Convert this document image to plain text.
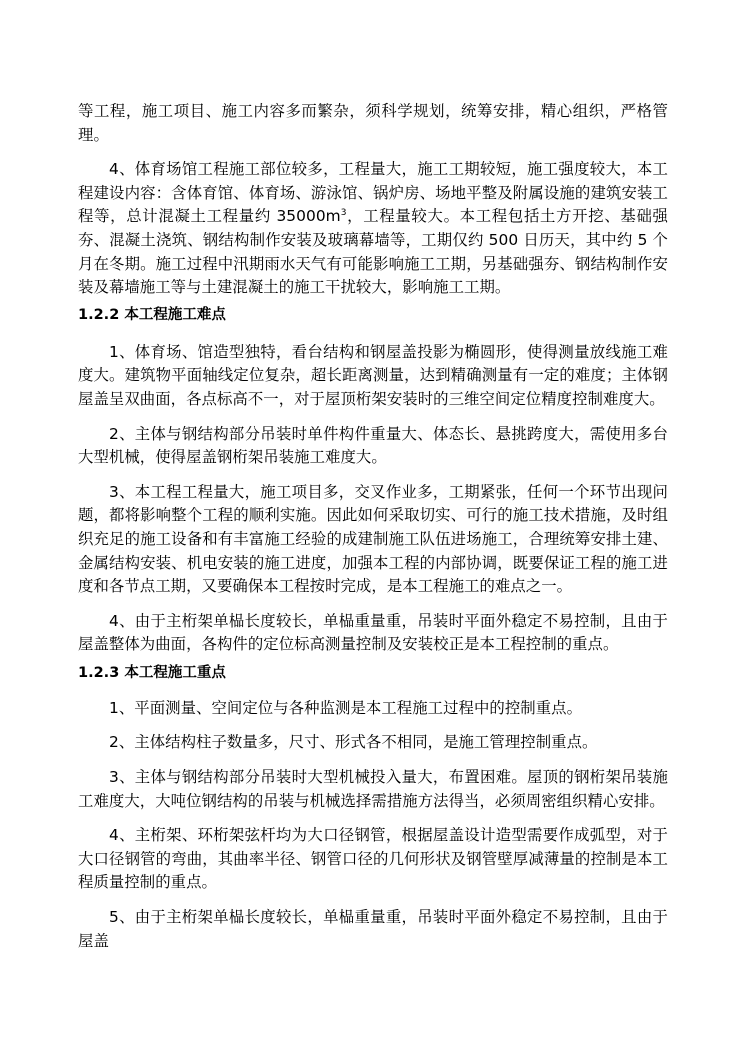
等工程，施工项目、施工内容多而繁杂，须科学规划，统筹安排，精心组织，严格管理。

4、体育场馆工程施工部位较多，工程量大，施工工期较短，施工强度较大，本工程建设内容：含体育馆、体育场、游泳馆、锅炉房、场地平整及附属设施的建筑安装工程等，总计混凝土工程量约 $35000m^3$，工程量较大。本工程包括土方开挖、基础强夯、混凝土浇筑、钢结构制作安装及玻璃幕墙等，工期仅约 500 日历天，其中约 5 个月在冬期。施工过程中汛期雨水天气有可能影响施工工期，另基础强夯、钢结构制作安装及幕墙施工等与土建混凝土的施工干扰较大，影响施工工期。

1.2.2 本工程施工难点

1、体育场、馆造型独特，看台结构和钢屋盖投影为椭圆形，使得测量放线施工难度大。建筑物平面轴线定位复杂，超长距离测量，达到精确测量有一定的难度；主体钢屋盖呈双曲面，各点标高不一，对于屋顶桁架安装时的三维空间定位精度控制难度大。

2、主体与钢结构部分吊装时单件构件重量大、体态长、悬挑跨度大，需使用多台大型机械，使得屋盖钢桁架吊装施工难度大。

3、本工程工程量大，施工项目多，交叉作业多，工期紧张，任何一个环节出现问题，都将影响整个工程的顺利实施。因此如何采取切实、可行的施工技术措施，及时组织充足的施工设备和有丰富施工经验的成建制施工队伍进场施工，合理统筹安排土建、金属结构安装、机电安装的施工进度，加强本工程的内部协调，既要保证工程的施工进度和各节点工期，又要确保本工程按时完成，是本工程施工的难点之一。

4、由于主桁架单榀长度较长，单榀重量重，吊装时平面外稳定不易控制，且由于屋盖整体为曲面，各构件的定位标高测量控制及安装校正是本工程控制的重点。

1.2.3 本工程施工重点

1、平面测量、空间定位与各种监测是本工程施工过程中的控制重点。

2、主体结构柱子数量多，尺寸、形式各不相同，是施工管理控制重点。

3、主体与钢结构部分吊装时大型机械投入量大，布置困难。屋顶的钢桁架吊装施工难度大，大吨位钢结构的吊装与机械选择需措施方法得当，必须周密组织精心安排。

4、主桁架、环桁架弦杆均为大口径钢管，根据屋盖设计造型需要作成弧型，对于大口径钢管的弯曲，其曲率半径、钢管口径的几何形状及钢管壁厚减薄量的控制是本工程质量控制的重点。

5、由于主桁架单榀长度较长，单榀重量重，吊装时平面外稳定不易控制，且由于屋盖
